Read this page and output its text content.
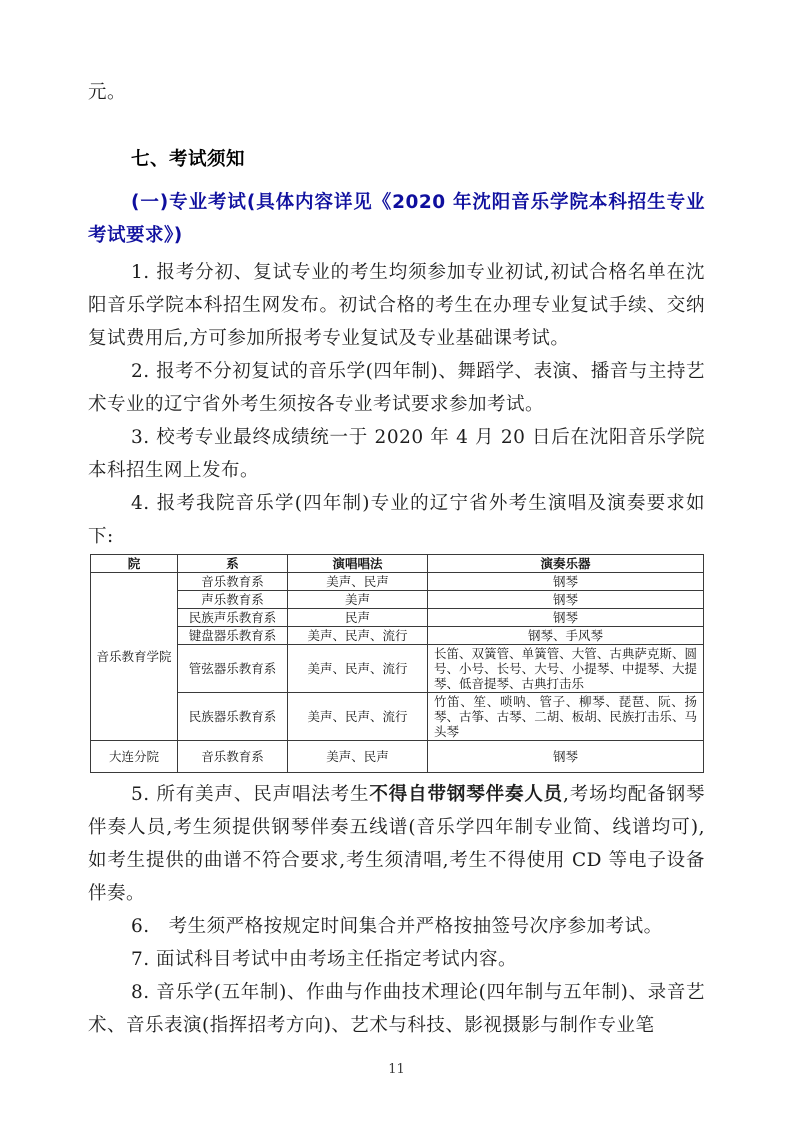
元。

七、考试须知

(一)专业考试(具体内容详见《2020 年沈阳音乐学院本科招生专业考试要求》)

1. 报考分初、复试专业的考生均须参加专业初试,初试合格名单在沈阳音乐学院本科招生网发布。初试合格的考生在办理专业复试手续、交纳复试费用后,方可参加所报考专业复试及专业基础课考试。

2. 报考不分初复试的音乐学(四年制)、舞蹈学、表演、播音与主持艺术专业的辽宁省外考生须按各专业考试要求参加考试。

3. 校考专业最终成绩统一于 2020 年 4 月 20 日后在沈阳音乐学院本科招生网上发布。

4. 报考我院音乐学(四年制)专业的辽宁省外考生演唱及演奏要求如下:

院	系	演唱唱法	演奏乐器
音乐教育学院	音乐教育系	美声、民声	钢琴
	声乐教育系	美声	钢琴
	民族声乐教育系	民声	钢琴
	键盘器乐教育系	美声、民声、流行	钢琴、手风琴
	管弦器乐教育系	美声、民声、流行	长笛、双簧管、单簧管、大管、古典萨克斯、圆号、小号、长号、大号、小提琴、中提琴、大提琴、低音提琴、古典打击乐
	民族器乐教育系	美声、民声、流行	竹笛、笙、唢呐、管子、柳琴、琵琶、阮、扬琴、古筝、古琴、二胡、板胡、民族打击乐、马头琴
大连分院	音乐教育系	美声、民声	钢琴

5. 所有美声、民声唱法考生不得自带钢琴伴奏人员,考场均配备钢琴伴奏人员,考生须提供钢琴伴奏五线谱(音乐学四年制专业简、线谱均可),如考生提供的曲谱不符合要求,考生须清唱,考生不得使用 CD 等电子设备伴奏。

6.　考生须严格按规定时间集合并严格按抽签号次序参加考试。

7. 面试科目考试中由考场主任指定考试内容。

8. 音乐学(五年制)、作曲与作曲技术理论(四年制与五年制)、录音艺术、音乐表演(指挥招考方向)、艺术与科技、影视摄影与制作专业笔

11
